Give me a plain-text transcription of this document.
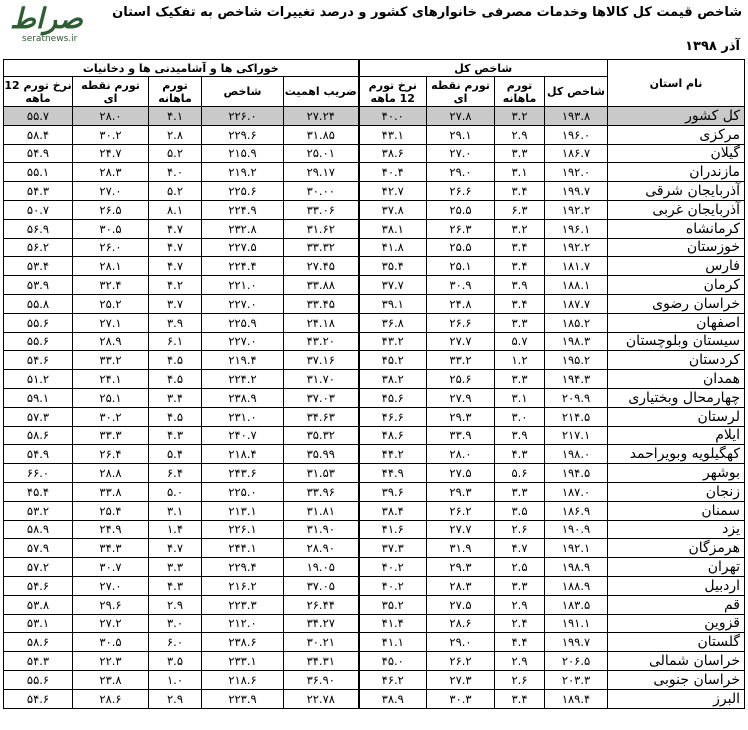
صراط
seratnews.ir
شاخص قیمت کل کالاها وخدمات مصرفی خانوارهای کشور و درصد تغییرات شاخص به تفکیک استان
آذر ۱۳۹۸
نام استان	شاخص کل				خوراکی ها و آشامیدنی ها و دخانیات				
	شاخص کل	تورم ماهانه	تورم نقطه ای	نرخ تورم 12 ماهه	ضریب اهمیت	شاخص	تورم ماهانه	تورم نقطه ای	نرخ تورم 12 ماهه
کل کشور	۱۹۳.۸	۳.۲	۲۷.۸	۴۰.۰	۲۷.۲۴	۲۲۶.۰	۴.۱	۲۸.۰	۵۵.۷
مرکزی	۱۹۶.۰	۲.۹	۲۹.۱	۴۳.۱	۳۱.۸۵	۲۲۹.۶	۲.۸	۳۰.۲	۵۸.۴
گیلان	۱۸۶.۷	۳.۳	۲۷.۰	۳۸.۶	۲۵.۰۱	۲۱۵.۹	۵.۲	۲۴.۷	۵۴.۹
مازندران	۱۹۲.۰	۳.۱	۲۹.۰	۴۰.۴	۲۹.۱۷	۲۱۹.۲	۴.۰	۲۸.۳	۵۵.۱
آذربایجان شرقی	۱۹۹.۷	۳.۴	۲۶.۶	۴۲.۷	۳۰.۰۰	۲۲۵.۶	۵.۲	۲۷.۰	۵۴.۳
آذربایجان غربی	۱۹۲.۲	۶.۳	۲۵.۵	۳۷.۸	۳۳.۰۶	۲۲۴.۹	۸.۱	۲۶.۵	۵۰.۷
کرمانشاه	۱۹۶.۱	۳.۲	۲۶.۳	۳۸.۱	۳۱.۶۲	۲۳۲.۸	۴.۷	۳۰.۵	۵۶.۹
خوزستان	۱۹۲.۲	۳.۴	۲۵.۵	۴۱.۸	۳۳.۳۲	۲۲۷.۵	۴.۷	۲۶.۰	۵۶.۲
فارس	۱۸۱.۷	۳.۴	۲۵.۱	۳۵.۴	۲۷.۴۵	۲۲۴.۴	۴.۷	۲۸.۱	۵۳.۴
کرمان	۱۸۸.۱	۳.۹	۳۰.۹	۳۷.۷	۳۳.۸۸	۲۲۱.۰	۴.۲	۳۲.۴	۵۳.۹
خراسان رضوی	۱۸۷.۷	۳.۴	۲۴.۸	۳۹.۱	۳۳.۴۵	۲۲۷.۰	۳.۷	۲۵.۲	۵۵.۸
اصفهان	۱۸۵.۲	۳.۳	۲۶.۶	۳۶.۸	۲۴.۱۸	۲۲۵.۹	۳.۹	۲۷.۱	۵۵.۶
سیستان وبلوچستان	۱۹۸.۳	۵.۷	۲۷.۷	۴۳.۲	۴۳.۲۰	۲۲۷.۰	۶.۱	۲۸.۹	۵۵.۶
کردستان	۱۹۵.۲	۱.۲	۳۳.۲	۴۵.۲	۳۷.۱۶	۲۱۹.۴	۴.۵	۳۳.۲	۵۴.۶
همدان	۱۹۴.۳	۳.۳	۲۵.۶	۳۸.۲	۳۱.۷۰	۲۲۴.۲	۴.۵	۲۴.۱	۵۱.۲
چهارمحال وبختیاری	۲۰۹.۹	۳.۱	۲۷.۹	۴۵.۶	۳۷.۰۳	۲۳۸.۹	۳.۴	۲۵.۱	۵۹.۱
لرستان	۲۱۴.۵	۳.۰	۲۹.۳	۴۶.۶	۳۴.۶۳	۲۳۱.۰	۴.۵	۳۰.۲	۵۷.۳
ایلام	۲۱۷.۱	۳.۹	۳۳.۹	۴۸.۶	۳۵.۳۲	۲۴۰.۷	۴.۳	۳۳.۳	۵۸.۶
کهگیلویه وبویراحمد	۱۹۸.۰	۴.۳	۲۸.۰	۴۴.۲	۳۵.۹۹	۲۱۸.۴	۵.۴	۲۶.۴	۵۴.۹
بوشهر	۱۹۴.۵	۵.۶	۲۷.۵	۴۴.۹	۳۱.۵۳	۲۴۳.۶	۶.۴	۲۸.۸	۶۶.۰
زنجان	۱۸۷.۰	۳.۳	۲۹.۳	۳۹.۶	۳۳.۹۶	۲۲۵.۰	۵.۰	۳۳.۸	۴۵.۴
سمنان	۱۸۶.۹	۳.۵	۲۶.۲	۳۸.۴	۳۱.۸۱	۲۱۳.۱	۳.۱	۲۵.۴	۵۳.۲
یزد	۱۹۰.۹	۲.۶	۲۷.۷	۴۱.۶	۳۱.۹۰	۲۲۶.۱	۱.۴	۲۴.۹	۵۸.۹
هرمزگان	۱۹۲.۱	۴.۷	۳۱.۹	۳۷.۳	۲۸.۹۰	۲۴۴.۱	۴.۷	۳۴.۳	۵۷.۹
تهران	۱۹۸.۹	۲.۵	۲۹.۳	۴۰.۲	۱۹.۰۵	۲۲۹.۴	۳.۳	۳۰.۷	۵۷.۲
اردبیل	۱۸۸.۹	۳.۳	۲۸.۳	۴۰.۲	۳۷.۰۵	۲۱۶.۲	۴.۳	۲۷.۰	۵۴.۶
قم	۱۸۳.۵	۲.۹	۲۷.۵	۳۵.۲	۲۶.۴۴	۲۲۳.۳	۲.۹	۲۹.۶	۵۳.۸
قزوین	۱۹۱.۱	۲.۴	۲۸.۶	۴۱.۴	۳۴.۲۷	۲۱۲.۰	۳.۰	۲۷.۲	۵۳.۱
گلستان	۱۹۹.۷	۴.۴	۲۹.۰	۴۱.۱	۳۰.۲۱	۲۳۸.۶	۶.۰	۳۰.۵	۵۸.۶
خراسان شمالی	۲۰۶.۵	۲.۹	۲۶.۲	۴۵.۰	۳۴.۳۱	۲۳۳.۱	۳.۵	۲۲.۳	۵۴.۳
خراسان جنوبی	۲۰۳.۳	۲.۶	۲۷.۳	۴۶.۲	۳۶.۹۰	۲۱۸.۶	۱.۰	۲۳.۸	۵۵.۶
البرز	۱۸۹.۴	۳.۴	۳۰.۳	۳۸.۹	۲۲.۷۸	۲۲۳.۹	۲.۹	۲۸.۶	۵۴.۶
